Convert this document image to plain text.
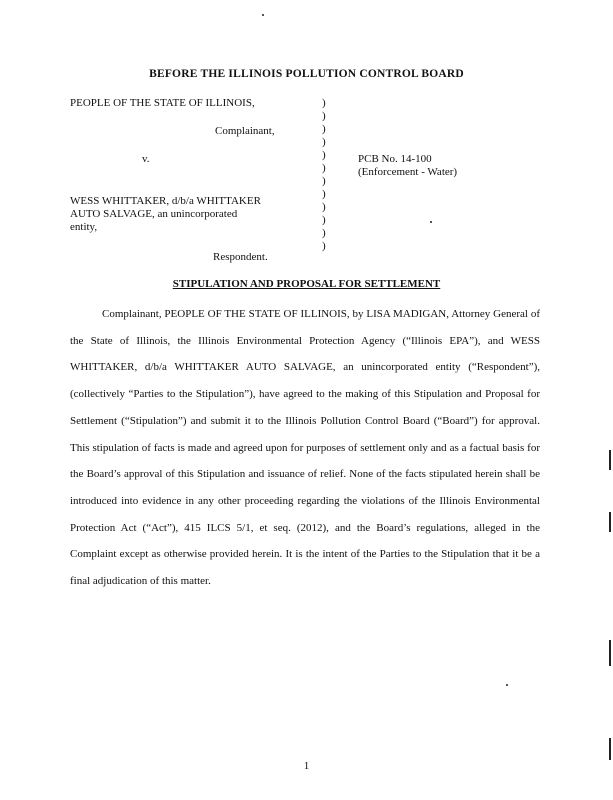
BEFORE THE ILLINOIS POLLUTION CONTROL BOARD
PEOPLE OF THE STATE OF ILLINOIS,
Complainant,
v.
WESS WHITTAKER, d/b/a WHITTAKER
AUTO SALVAGE, an unincorporated
entity,
Respondent.
)
)
)
)
)
)
)
)
)
)
)
)
PCB No. 14-100
(Enforcement - Water)
STIPULATION AND PROPOSAL FOR SETTLEMENT
Complainant, PEOPLE OF THE STATE OF ILLINOIS, by LISA MADIGAN, Attorney General of the State of Illinois, the Illinois Environmental Protection Agency (“Illinois EPA”), and WESS WHITTAKER, d/b/a WHITTAKER AUTO SALVAGE, an unincorporated entity (“Respondent”), (collectively “Parties to the Stipulation”), have agreed to the making of this Stipulation and Proposal for Settlement (“Stipulation”) and submit it to the Illinois Pollution Control Board (“Board”) for approval. This stipulation of facts is made and agreed upon for purposes of settlement only and as a factual basis for the Board’s approval of this Stipulation and issuance of relief. None of the facts stipulated herein shall be introduced into evidence in any other proceeding regarding the violations of the Illinois Environmental Protection Act (“Act”), 415 ILCS 5/1, et seq. (2012), and the Board’s regulations, alleged in the Complaint except as otherwise provided herein. It is the intent of the Parties to the Stipulation that it be a final adjudication of this matter.
1
